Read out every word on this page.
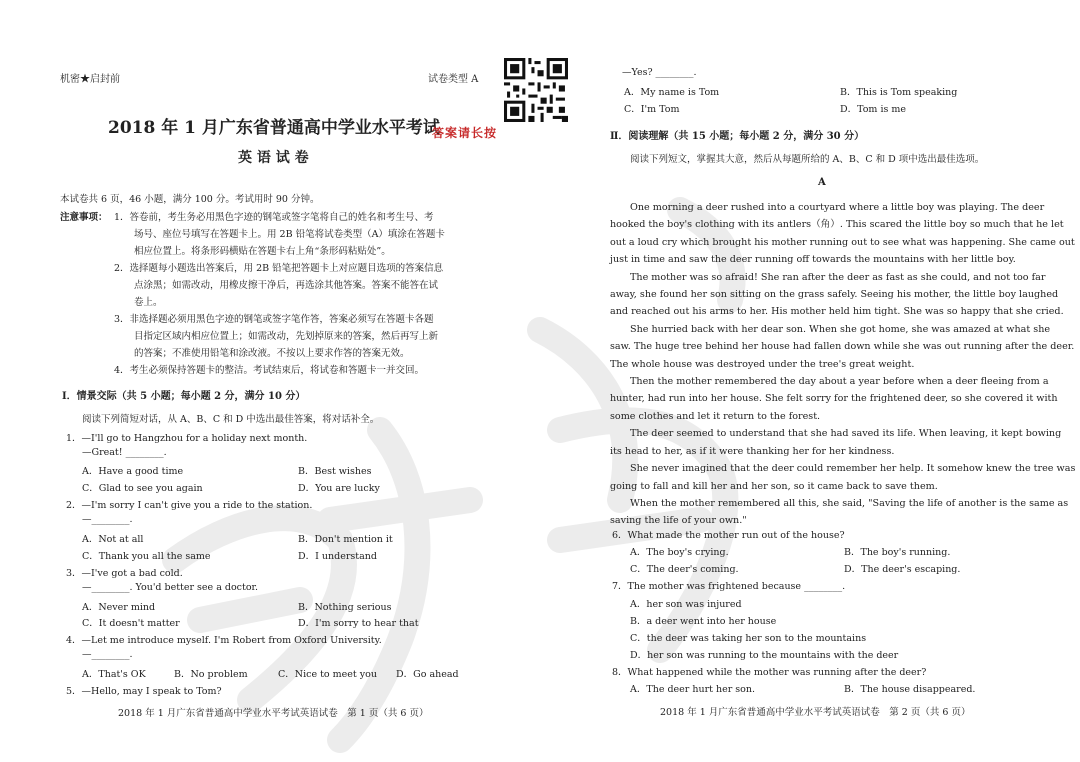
机密★启封前	试卷类型 A
2018 年 1 月广东省普通高中学业水平考试
英 语 试 卷
答案请长按
本试卷共 6 页，46 小题，满分 100 分。考试用时 90 分钟。
注意事项： 1．答卷前，考生务必用黑色字迹的钢笔或签字笔将自己的姓名和考生号、考
场号、座位号填写在答题卡上。用 2B 铅笔将试卷类型（A）填涂在答题卡
相应位置上。将条形码横贴在答题卡右上角“条形码粘贴处”。
2．选择题每小题选出答案后，用 2B 铅笔把答题卡上对应题目选项的答案信息
点涂黑；如需改动，用橡皮擦干净后，再选涂其他答案。答案不能答在试
卷上。
3．非选择题必须用黑色字迹的钢笔或签字笔作答，答案必须写在答题卡各题
目指定区域内相应位置上；如需改动，先划掉原来的答案，然后再写上新
的答案；不准使用铅笔和涂改液。不按以上要求作答的答案无效。
4．考生必须保持答题卡的整洁。考试结束后，将试卷和答题卡一并交回。
Ⅰ．情景交际（共 5 小题；每小题 2 分，满分 10 分）
阅读下列简短对话，从 A、B、C 和 D 中选出最佳答案，将对话补全。
1．—I'll go to Hangzhou for a holiday next month.
—Great! ________.
A．Have a good time	B．Best wishes
C．Glad to see you again	D．You are lucky
2．—I'm sorry I can't give you a ride to the station.
—________.
A．Not at all	B．Don't mention it
C．Thank you all the same	D．I understand
3．—I've got a bad cold.
—________. You'd better see a doctor.
A．Never mind	B．Nothing serious
C．It doesn't matter	D．I'm sorry to hear that
4．—Let me introduce myself. I'm Robert from Oxford University.
—________.
A．That's OK	B．No problem	C．Nice to meet you D．Go ahead
5．—Hello, may I speak to Tom?
2018 年 1 月广东省普通高中学业水平考试英语试卷　第 1 页（共 6 页）
—Yes? ________.
A．My name is Tom	B．This is Tom speaking
C．I'm Tom	D．Tom is me
Ⅱ．阅读理解（共 15 小题；每小题 2 分，满分 30 分）
阅读下列短文，掌握其大意，然后从每题所给的 A、B、C 和 D 项中选出最佳选项。
A
One morning a deer rushed into a courtyard where a little boy was playing. The deer
hooked the boy's clothing with its antlers（角）. This scared the little boy so much that he let
out a loud cry which brought his mother running out to see what was happening. She came out
just in time and saw the deer running off towards the mountains with her little boy.
The mother was so afraid! She ran after the deer as fast as she could, and not too far
away, she found her son sitting on the grass safely. Seeing his mother, the little boy laughed
and reached out his arms to her. His mother held him tight. She was so happy that she cried.
She hurried back with her dear son. When she got home, she was amazed at what she
saw. The huge tree behind her house had fallen down while she was out running after the deer.
The whole house was destroyed under the tree's great weight.
Then the mother remembered the day about a year before when a deer fleeing from a
hunter, had run into her house. She felt sorry for the frightened deer, so she covered it with
some clothes and let it return to the forest.
The deer seemed to understand that she had saved its life. When leaving, it kept bowing
its head to her, as if it were thanking her for her kindness.
She never imagined that the deer could remember her help. It somehow knew the tree was
going to fall and kill her and her son, so it came back to save them.
When the mother remembered all this, she said, "Saving the life of another is the same as
saving the life of your own."
6．What made the mother run out of the house?
A．The boy's crying.	B．The boy's running.
C．The deer's coming.	D．The deer's escaping.
7．The mother was frightened because ________.
A．her son was injured
B．a deer went into her house
C．the deer was taking her son to the mountains
D．her son was running to the mountains with the deer
8．What happened while the mother was running after the deer?
A．The deer hurt her son.	B．The house disappeared.
2018 年 1 月广东省普通高中学业水平考试英语试卷　第 2 页（共 6 页）
